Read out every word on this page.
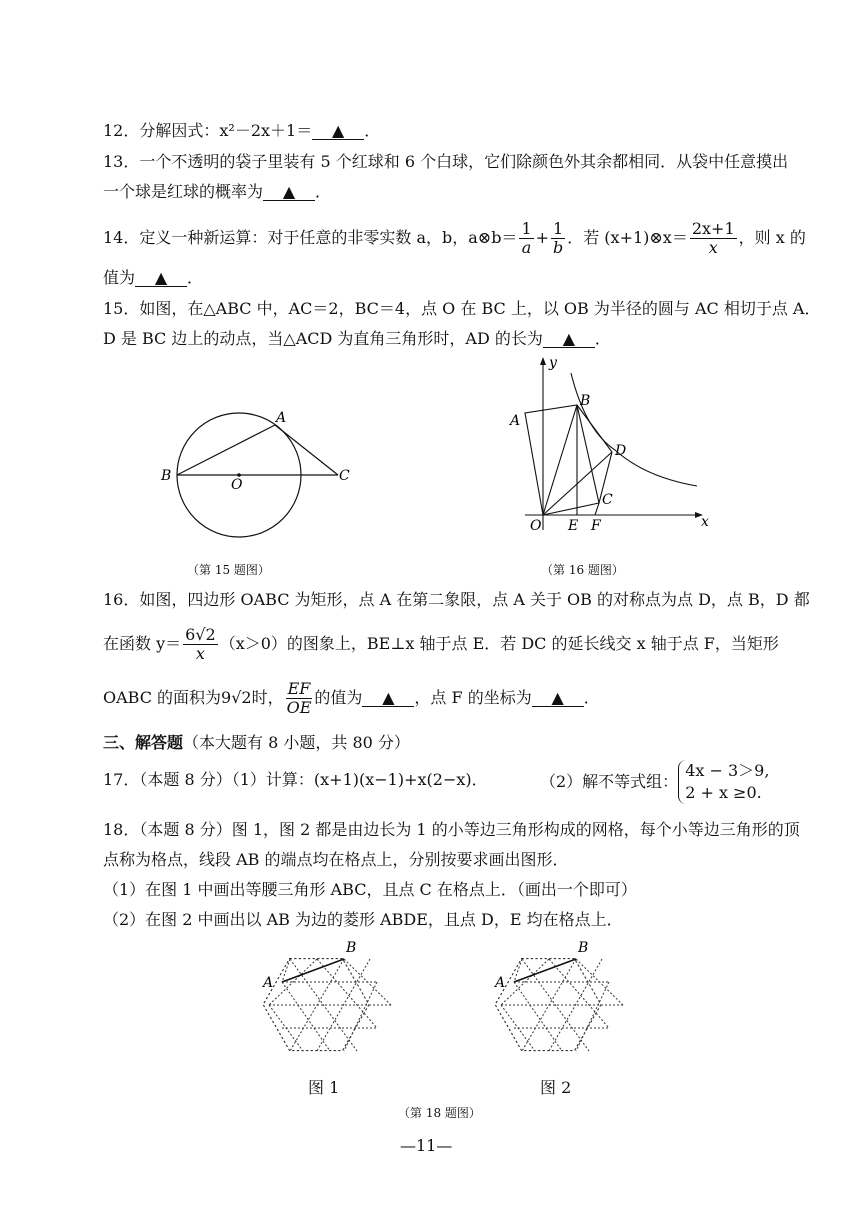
12．分解因式：x²－2x＋1＝ ▲ ．
13．一个不透明的袋子里装有 5 个红球和 6 个白球，它们除颜色外其余都相同．从袋中任意摸出
一个球是红球的概率为 ▲ ．
14．定义一种新运算：对于任意的非零实数 a，b，a⊗b＝ $\frac{1}{a} + \frac{1}{b}$ ．若 (x+1)⊗x＝ $\frac{2x+1}{x}$ ，则 x 的
值为 ▲ ．
15．如图，在△ABC 中，AC＝2，BC＝4，点 O 在 BC 上，以 OB 为半径的圆与 AC 相切于点 A．
D 是 BC 边上的动点，当△ACD 为直角三角形时，AD 的长为 ▲ ．
A
B	C
O
（第 15 题图）
y
x
A
B
D
C
O E F
（第 16 题图）
16．如图，四边形 OABC 为矩形，点 A 在第二象限，点 A 关于 OB 的对称点为点 D，点 B，D 都
在函数 $y= \frac{6√2}{x} (x>0)$的图象上，BE⊥x 轴于点 E．若 DC 的延长线交 x 轴于点 F，当矩形
OABC 的面积为9√2时， $\frac{EF}{OE}$ 的值为 ▲ ，点 F 的坐标为 ▲ ．
三、解答题（本大题有 8 小题，共 80 分）
17．（本题 8 分）（1）计算：(x+1)(x−1)+x(2−x)．	（2）解不等式组：
4x − 3＞9,
2 + x ≥0.
18．（本题 8 分）图 1，图 2 都是由边长为 1 的小等边三角形构成的网格，每个小等边三角形的顶
点称为格点，线段 AB 的端点均在格点上，分别按要求画出图形．
（1）在图 1 中画出等腰三角形 ABC，且点 C 在格点上．（画出一个即可）
（2）在图 2 中画出以 AB 为边的菱形 ABDE，且点 D，E 均在格点上．
A
B
A
B
图 1	图 2
（第 18 题图）
—11—
